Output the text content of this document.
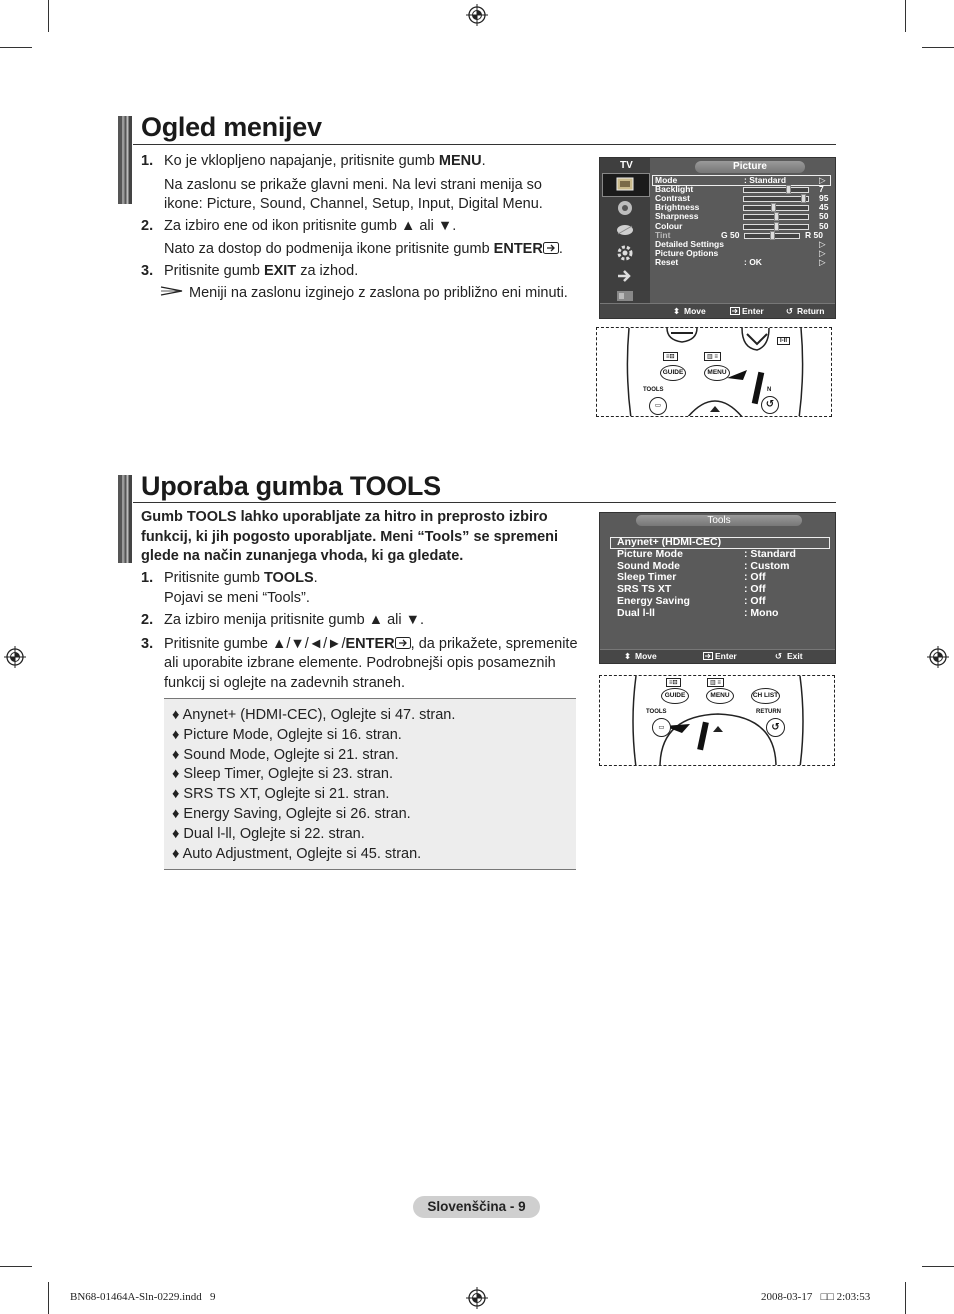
Ogled menijev
1. Ko je vklopljeno napajanje, pritisnite gumb MENU.
Na zaslonu se prikaže glavni meni. Na levi strani menija so
ikone: Picture, Sound, Channel, Setup, Input, Digital Menu.
2. Za izbiro ene od ikon pritisnite gumb ▲ ali ▼.
Nato za dostop do podmenija ikone pritisnite gumb ENTER .
3. Pritisnite gumb EXIT za izhod.
Meniji na zaslonu izginejo z zaslona po približno eni minuti.
TV	Picture
Mode	: Standard	▷
Backlight	7
Contrast	95
Brightness	45
Sharpness	50
Colour	50
Tint	G 50	R 50
Detailed Settings	▷
Picture Options	▷
Reset	: OK	▷
⬍ Move	Enter	↺ Return
GUIDE	MENU
TOOLS	N
▭	↺
≡⊡	▥ ≡
I-II
Uporaba gumba TOOLS
Gumb TOOLS lahko uporabljate za hitro in preprosto izbiro
funkcij, ki jih pogosto uporabljate. Meni “Tools” se spremeni
glede na način zunanjega vhoda, ki ga gledate.
1. Pritisnite gumb TOOLS.
Pojavi se meni “Tools”.
2. Za izbiro menija pritisnite gumb ▲ ali ▼.
3. Pritisnite gumbe ▲/▼/◄/►/ENTER , da prikažete, spremenite
ali uporabite izbrane elemente. Podrobnejši opis posameznih
funkcij si oglejte na zadevnih straneh.
♦ Anynet+ (HDMI-CEC), Oglejte si 47. stran.
♦ Picture Mode, Oglejte si 16. stran.
♦ Sound Mode, Oglejte si 21. stran.
♦ Sleep Timer, Oglejte si 23. stran.
♦ SRS TS XT, Oglejte si 21. stran.
♦ Energy Saving, Oglejte si 26. stran.
♦ Dual l-ll, Oglejte si 22. stran.
♦ Auto Adjustment, Oglejte si 45. stran.
Tools
Anynet+ (HDMI-CEC)
Picture Mode	: Standard
Sound Mode	: Custom
Sleep Timer	: Off
SRS TS XT	: Off
Energy Saving	: Off
Dual l-ll	: Mono
⬍ Move	Enter	↺ Exit
≡⊡	▥ ≡
GUIDE	MENU	CH LIST
TOOLS	RETURN
▭	↺
Slovenščina - 9
BN68-01464A-Sln-0229.indd   9	2008-03-17   □□ 2:03:53
